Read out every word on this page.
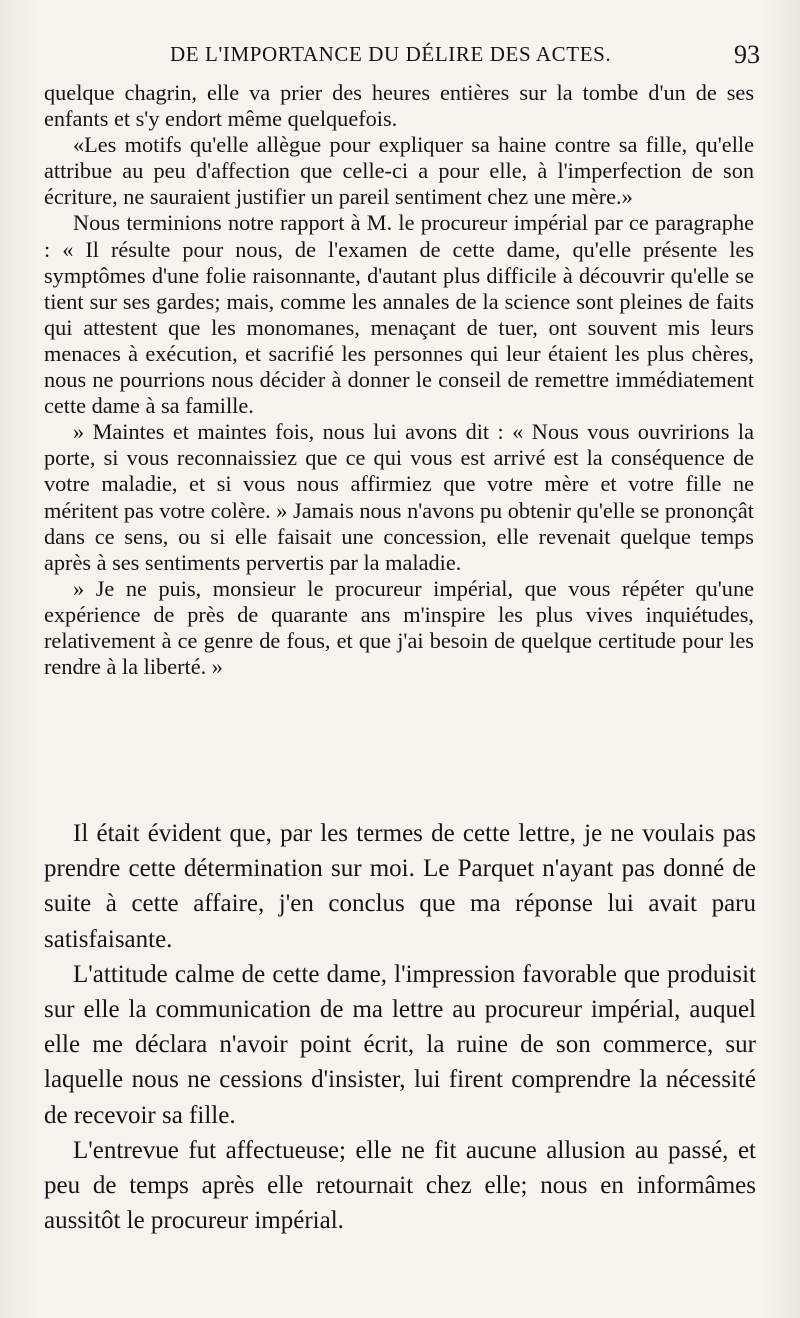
DE L'IMPORTANCE DU DÉLIRE DES ACTES.	93

quelque chagrin, elle va prier des heures entières sur la tombe d'un de ses enfants et s'y endort même quelquefois.

«Les motifs qu'elle allègue pour expliquer sa haine contre sa fille, qu'elle attribue au peu d'affection que celle-ci a pour elle, à l'imperfection de son écriture, ne sauraient justifier un pareil sentiment chez une mère.»

Nous terminions notre rapport à M. le procureur impérial par ce paragraphe : « Il résulte pour nous, de l'examen de cette dame, qu'elle présente les symptômes d'une folie raisonnante, d'autant plus difficile à découvrir qu'elle se tient sur ses gardes; mais, comme les annales de la science sont pleines de faits qui attestent que les monomanes, menaçant de tuer, ont souvent mis leurs menaces à exécution, et sacrifié les personnes qui leur étaient les plus chères, nous ne pourrions nous décider à donner le conseil de remettre immédiatement cette dame à sa famille.

» Maintes et maintes fois, nous lui avons dit : « Nous vous ouvririons la porte, si vous reconnaissiez que ce qui vous est arrivé est la conséquence de votre maladie, et si vous nous affirmiez que votre mère et votre fille ne méritent pas votre colère. » Jamais nous n'avons pu obtenir qu'elle se prononçât dans ce sens, ou si elle faisait une concession, elle revenait quelque temps après à ses sentiments pervertis par la maladie.

» Je ne puis, monsieur le procureur impérial, que vous répéter qu'une expérience de près de quarante ans m'inspire les plus vives inquiétudes, relativement à ce genre de fous, et que j'ai besoin de quelque certitude pour les rendre à la liberté. »

Il était évident que, par les termes de cette lettre, je ne voulais pas prendre cette détermination sur moi. Le Parquet n'ayant pas donné de suite à cette affaire, j'en conclus que ma réponse lui avait paru satisfaisante.

L'attitude calme de cette dame, l'impression favorable que produisit sur elle la communication de ma lettre au procureur impérial, auquel elle me déclara n'avoir point écrit, la ruine de son commerce, sur laquelle nous ne cessions d'insister, lui firent comprendre la nécessité de recevoir sa fille.

L'entrevue fut affectueuse; elle ne fit aucune allusion au passé, et peu de temps après elle retournait chez elle; nous en informâmes aussitôt le procureur impérial.
